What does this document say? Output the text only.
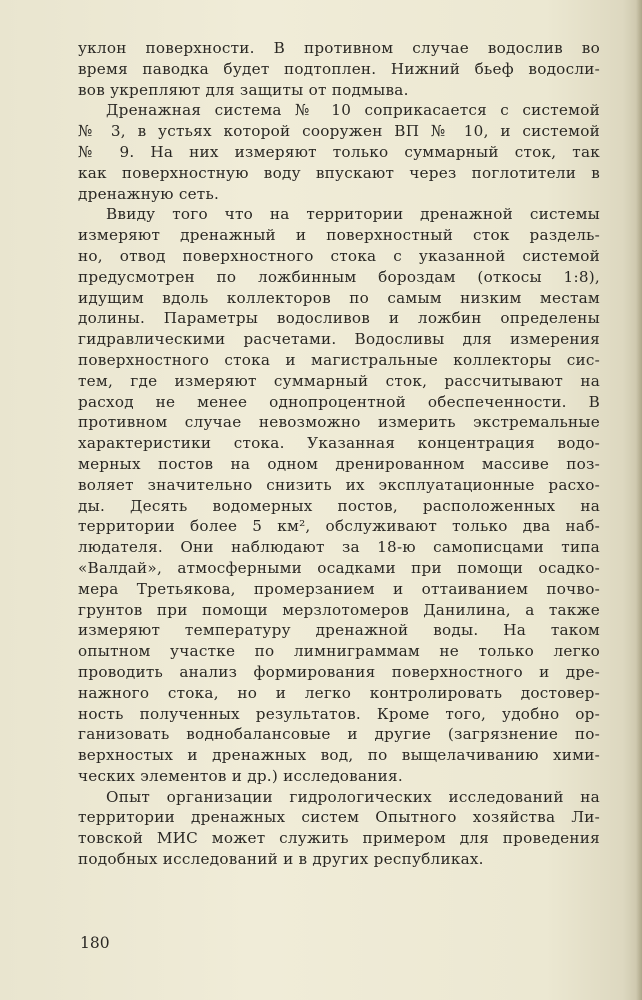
уклон поверхности. В противном случае водослив во
время паводка будет подтоплен. Нижний бьеф водосли-
вов укрепляют для защиты от подмыва.
Дренажная система № 10 соприкасается с системой
№ 3, в устьях которой сооружен ВП № 10, и системой
№ 9. На них измеряют только суммарный сток, так
как поверхностную воду впускают через поглотители в
дренажную сеть.
Ввиду того что на территории дренажной системы
измеряют дренажный и поверхностный сток раздель-
но, отвод поверхностного стока с указанной системой
предусмотрен по ложбинным бороздам (откосы 1:8),
идущим вдоль коллекторов по самым низким местам
долины. Параметры водосливов и ложбин определены
гидравлическими расчетами. Водосливы для измерения
поверхностного стока и магистральные коллекторы сис-
тем, где измеряют суммарный сток, рассчитывают на
расход не менее однопроцентной обеспеченности. В
противном случае невозможно измерить экстремальные
характеристики стока. Указанная концентрация водо-
мерных постов на одном дренированном массиве поз-
воляет значительно снизить их эксплуатационные расхо-
ды. Десять водомерных постов, расположенных на
территории более 5 км², обслуживают только два наб-
людателя. Они наблюдают за 18-ю самописцами типа
«Валдай», атмосферными осадками при помощи осадко-
мера Третьякова, промерзанием и оттаиванием почво-
грунтов при помощи мерзлотомеров Данилина, а также
измеряют температуру дренажной воды. На таком
опытном участке по лимниграммам не только легко
проводить анализ формирования поверхностного и дре-
нажного стока, но и легко контролировать достовер-
ность полученных результатов. Кроме того, удобно ор-
ганизовать воднобалансовые и другие (загрязнение по-
верхностых и дренажных вод, по выщелачиванию хими-
ческих элементов и др.) исследования.
Опыт организации гидрологических исследований на
территории дренажных систем Опытного хозяйства Ли-
товской МИС может служить примером для проведения
подобных исследований и в других республиках.
180
